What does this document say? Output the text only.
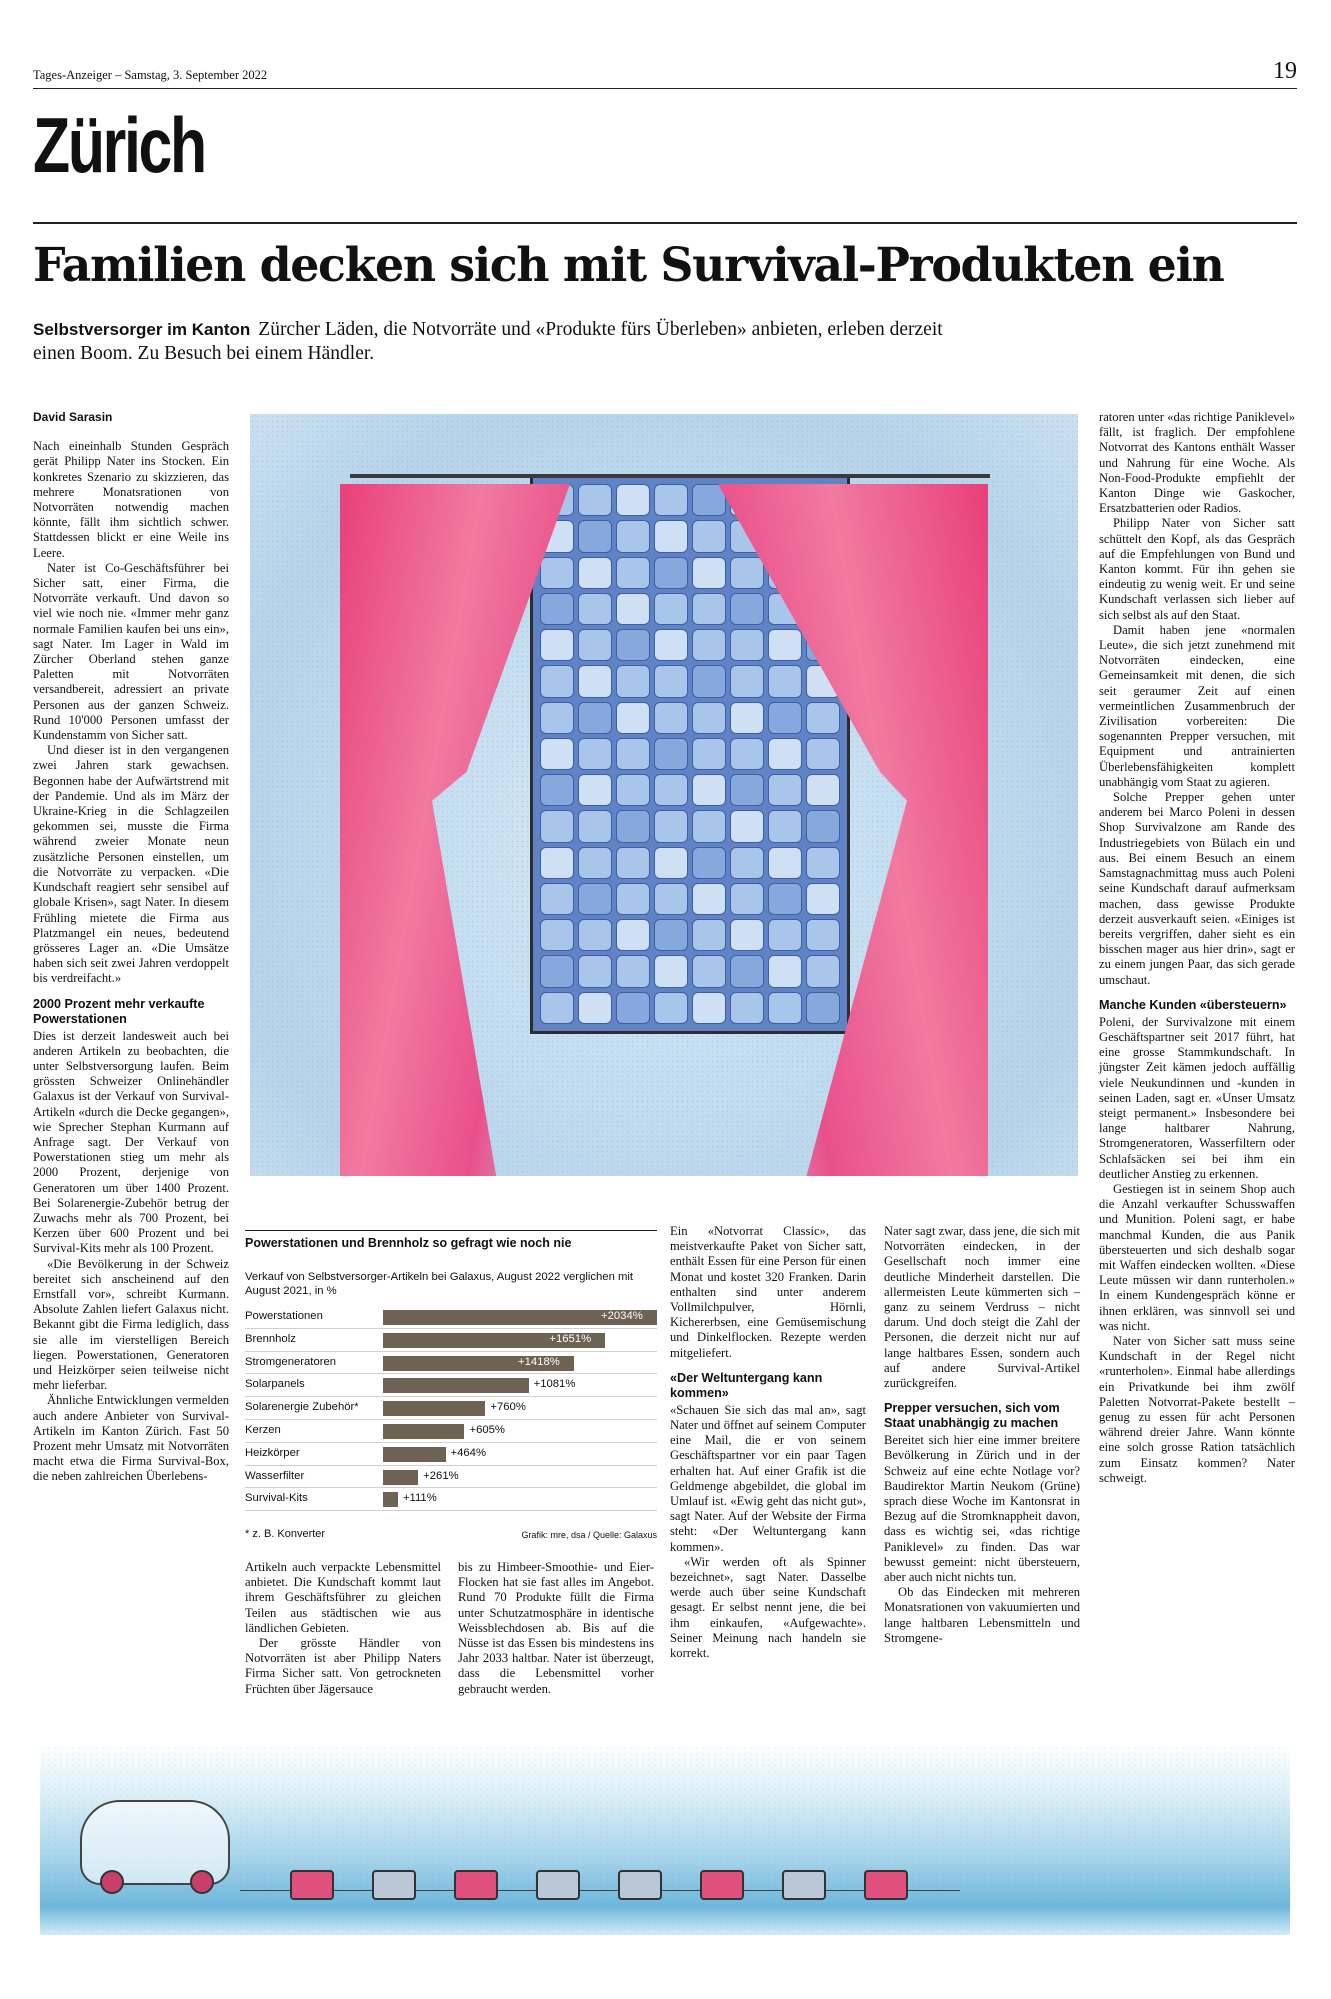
Tages-Anzeiger – Samstag, 3. September 2022	19
Zürich
Familien decken sich mit Survival-Produkten ein
Selbstversorger im Kanton Zürcher Läden, die Notvorräte und «Produkte fürs Überleben» anbieten, erleben derzeit einen Boom. Zu Besuch bei einem Händler.
David Sarasin

Nach eineinhalb Stunden Gespräch gerät Philipp Nater ins Stocken. Ein konkretes Szenario zu skizzieren, das mehrere Monatsrationen von Notvorräten notwendig machen könnte, fällt ihm sichtlich schwer. Stattdessen blickt er eine Weile ins Leere.

Nater ist Co-Geschäftsführer bei Sicher satt, einer Firma, die Notvorräte verkauft. Und davon so viel wie noch nie. «Immer mehr ganz normale Familien kaufen bei uns ein», sagt Nater. Im Lager in Wald im Zürcher Oberland stehen ganze Paletten mit Notvorräten versandbereit, adressiert an private Personen aus der ganzen Schweiz. Rund 10'000 Personen umfasst der Kundenstamm von Sicher satt.

Und dieser ist in den vergangenen zwei Jahren stark gewachsen. Begonnen habe der Aufwärtstrend mit der Pandemie. Und als im März der Ukraine-Krieg in die Schlagzeilen gekommen sei, musste die Firma während zweier Monate neun zusätzliche Personen einstellen, um die Notvorräte zu verpacken. «Die Kundschaft reagiert sehr sensibel auf globale Krisen», sagt Nater. In diesem Frühling mietete die Firma aus Platzmangel ein neues, bedeutend grösseres Lager an. «Die Umsätze haben sich seit zwei Jahren verdoppelt bis verdreifacht.»

2000 Prozent mehr verkaufte Powerstationen

Dies ist derzeit landesweit auch bei anderen Artikeln zu beobachten, die unter Selbstversorgung laufen. Beim grössten Schweizer Onlinehändler Galaxus ist der Verkauf von Survival-Artikeln «durch die Decke gegangen», wie Sprecher Stephan Kurmann auf Anfrage sagt. Der Verkauf von Powerstationen stieg um mehr als 2000 Prozent, derjenige von Generatoren um über 1400 Prozent. Bei Solarenergie-Zubehör betrug der Zuwachs mehr als 700 Prozent, bei Kerzen über 600 Prozent und bei Survival-Kits mehr als 100 Prozent.

«Die Bevölkerung in der Schweiz bereitet sich anscheinend auf den Ernstfall vor», schreibt Kurmann. Absolute Zahlen liefert Galaxus nicht. Bekannt gibt die Firma lediglich, dass sie alle im vierstelligen Bereich liegen. Powerstationen, Generatoren und Heizkörper seien teilweise nicht mehr lieferbar.

Ähnliche Entwicklungen vermelden auch andere Anbieter von Survival-Artikeln im Kanton Zürich. Fast 50 Prozent mehr Umsatz mit Notvorräten macht etwa die Firma Survival-Box, die neben zahlreichen Überlebens-

Powerstationen und Brennholz so gefragt wie noch nie
Verkauf von Selbstversorger-Artikeln bei Galaxus, August 2022 verglichen mit August 2021, in %
Powerstationen	+2034%
Brennholz	+1651%
Stromgeneratoren	+1418%
Solarpanels	+1081%
Solarenergie Zubehör*	+760%
Kerzen	+605%
Heizkörper	+464%
Wasserfilter	+261%
Survival-Kits	+111%
* z. B. Konverter	Grafik: mre, dsa / Quelle: Galaxus

Artikeln auch verpackte Lebensmittel anbietet. Die Kundschaft kommt laut ihrem Geschäftsführer zu gleichen Teilen aus städtischen wie aus ländlichen Gebieten.

Der grösste Händler von Notvorräten ist aber Philipp Naters Firma Sicher satt. Von getrockneten Früchten über Jägersauce

bis zu Himbeer-Smoothie- und Eier-Flocken hat sie fast alles im Angebot. Rund 70 Produkte füllt die Firma unter Schutzatmosphäre in identische Weissblechdosen ab. Bis auf die Nüsse ist das Essen bis mindestens ins Jahr 2033 haltbar. Nater ist überzeugt, dass die Lebensmittel vorher gebraucht werden.

Ein «Notvorrat Classic», das meistverkaufte Paket von Sicher satt, enthält Essen für eine Person für einen Monat und kostet 320 Franken. Darin enthalten sind unter anderem Vollmilchpulver, Hörnli, Kichererbsen, eine Gemüsemischung und Dinkelflocken. Rezepte werden mitgeliefert.

«Der Weltuntergang kann kommen»

«Schauen Sie sich das mal an», sagt Nater und öffnet auf seinem Computer eine Mail, die er von seinem Geschäftspartner vor ein paar Tagen erhalten hat. Auf einer Grafik ist die Geldmenge abgebildet, die global im Umlauf ist. «Ewig geht das nicht gut», sagt Nater. Auf der Website der Firma steht: «Der Weltuntergang kann kommen».

«Wir werden oft als Spinner bezeichnet», sagt Nater. Dasselbe werde auch über seine Kundschaft gesagt. Er selbst nennt jene, die bei ihm einkaufen, «Aufgewachte». Seiner Meinung nach handeln sie korrekt.

Nater sagt zwar, dass jene, die sich mit Notvorräten eindecken, in der Gesellschaft noch immer eine deutliche Minderheit darstellen. Die allermeisten Leute kümmerten sich – ganz zu seinem Verdruss – nicht darum. Und doch steigt die Zahl der Personen, die derzeit nicht nur auf lange haltbares Essen, sondern auch auf andere Survival-Artikel zurückgreifen.

Prepper versuchen, sich vom Staat unabhängig zu machen

Bereitet sich hier eine immer breitere Bevölkerung in Zürich und in der Schweiz auf eine echte Notlage vor? Baudirektor Martin Neukom (Grüne) sprach diese Woche im Kantonsrat in Bezug auf die Stromknappheit davon, dass es wichtig sei, «das richtige Paniklevel» zu finden. Das war bewusst gemeint: nicht übersteuern, aber auch nicht nichts tun.

Ob das Eindecken mit mehreren Monatsrationen von vakuumierten und lange haltbaren Lebensmitteln und Stromgene-

ratoren unter «das richtige Paniklevel» fällt, ist fraglich. Der empfohlene Notvorrat des Kantons enthält Wasser und Nahrung für eine Woche. Als Non-Food-Produkte empfiehlt der Kanton Dinge wie Gaskocher, Ersatzbatterien oder Radios.

Philipp Nater von Sicher satt schüttelt den Kopf, als das Gespräch auf die Empfehlungen von Bund und Kanton kommt. Für ihn gehen sie eindeutig zu wenig weit. Er und seine Kundschaft verlassen sich lieber auf sich selbst als auf den Staat.

Damit haben jene «normalen Leute», die sich jetzt zunehmend mit Notvorräten eindecken, eine Gemeinsamkeit mit denen, die sich seit geraumer Zeit auf einen vermeintlichen Zusammenbruch der Zivilisation vorbereiten: Die sogenannten Prepper versuchen, mit Equipment und antrainierten Überlebensfähigkeiten komplett unabhängig vom Staat zu agieren.

Solche Prepper gehen unter anderem bei Marco Poleni in dessen Shop Survivalzone am Rande des Industriegebiets von Bülach ein und aus. Bei einem Besuch an einem Samstagnachmittag muss auch Poleni seine Kundschaft darauf aufmerksam machen, dass gewisse Produkte derzeit ausverkauft seien. «Einiges ist bereits vergriffen, daher sieht es ein bisschen mager aus hier drin», sagt er zu einem jungen Paar, das sich gerade umschaut.

Manche Kunden «übersteuern»

Poleni, der Survivalzone mit einem Geschäftspartner seit 2017 führt, hat eine grosse Stammkundschaft. In jüngster Zeit kämen jedoch auffällig viele Neukundinnen und -kunden in seinen Laden, sagt er. «Unser Umsatz steigt permanent.» Insbesondere bei lange haltbarer Nahrung, Stromgeneratoren, Wasserfiltern oder Schlafsäcken sei bei ihm ein deutlicher Anstieg zu erkennen.

Gestiegen ist in seinem Shop auch die Anzahl verkaufter Schusswaffen und Munition. Poleni sagt, er habe manchmal Kunden, die aus Panik übersteuerten und sich deshalb sogar mit Waffen eindecken wollten. «Diese Leute müssen wir dann runterholen.» In einem Kundengespräch könne er ihnen erklären, was sinnvoll sei und was nicht.

Nater von Sicher satt muss seine Kundschaft in der Regel nicht «runterholen». Einmal habe allerdings ein Privatkunde bei ihm zwölf Paletten Notvorrat-Pakete bestellt – genug zu essen für acht Personen während dreier Jahre. Wann könnte eine solch grosse Ration tatsächlich zum Einsatz kommen? Nater schweigt.
